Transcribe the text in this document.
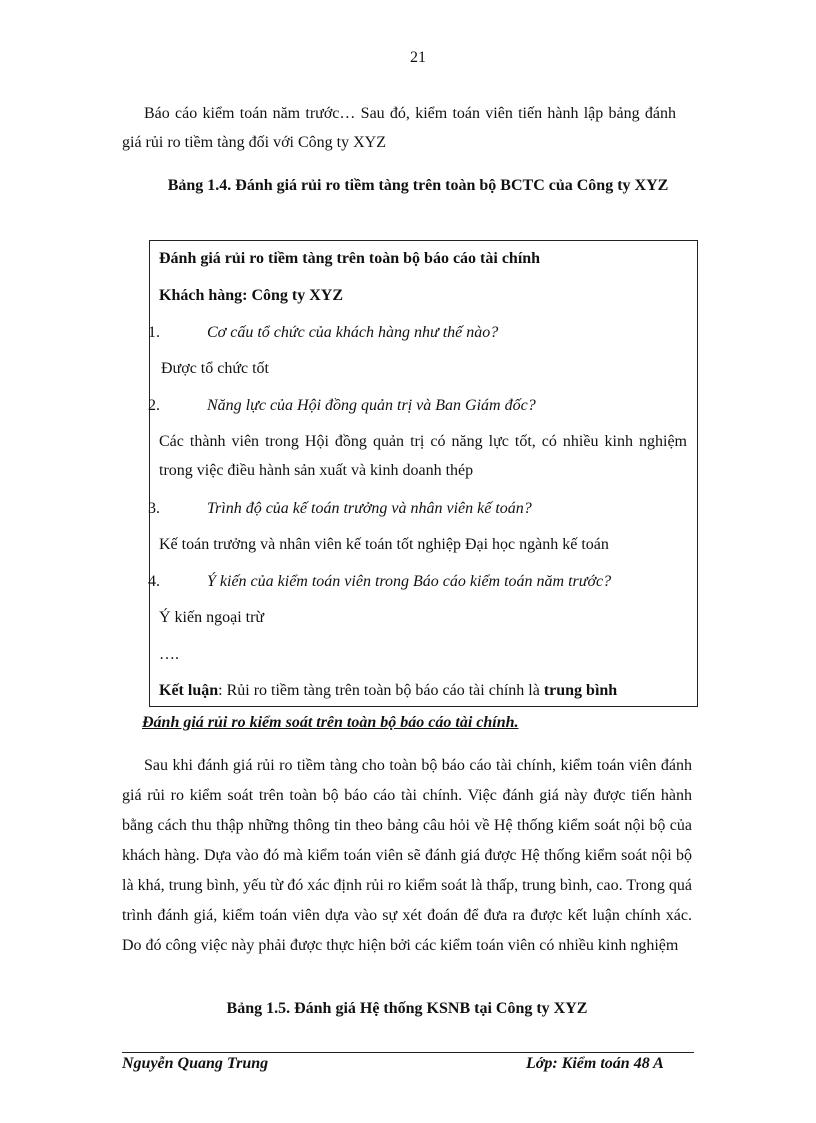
21
Báo cáo kiểm toán năm trước… Sau đó, kiểm toán viên tiến hành lập bảng đánh giá rủi ro tiềm tàng đối với Công ty XYZ
Bảng 1.4. Đánh giá rủi ro tiềm tàng trên toàn bộ BCTC của Công ty XYZ
Đánh giá rủi ro tiềm tàng trên toàn bộ báo cáo tài chính
Khách hàng: Công ty XYZ
1.	Cơ cấu tổ chức của khách hàng như thế nào?
Được tổ chức tốt
2.	Năng lực của Hội đồng quản trị và Ban Giám đốc?
Các thành viên trong Hội đồng quản trị có năng lực tốt, có nhiều kinh nghiệm trong việc điều hành sản xuất và kinh doanh thép
3.	Trình độ của kế toán trưởng và nhân viên kế toán?
Kế toán trưởng và nhân viên kế toán tốt nghiệp Đại học ngành kế toán
4.	Ý kiến của kiểm toán viên trong Báo cáo kiểm toán năm trước?
Ý kiến ngoại trừ
….
Kết luận: Rủi ro tiềm tàng trên toàn bộ báo cáo tài chính là trung bình
Đánh giá rủi ro kiểm soát trên toàn bộ báo cáo tài chính.
Sau khi đánh giá rủi ro tiềm tàng cho toàn bộ báo cáo tài chính, kiểm toán viên đánh giá rủi ro kiểm soát trên toàn bộ báo cáo tài chính. Việc đánh giá này được tiến hành bằng cách thu thập những thông tin theo bảng câu hỏi về Hệ thống kiểm soát nội bộ của khách hàng. Dựa vào đó mà kiểm toán viên sẽ đánh giá được Hệ thống kiểm soát nội bộ là khá, trung bình, yếu từ đó xác định rủi ro kiểm soát là thấp, trung bình, cao. Trong quá trình đánh giá, kiểm toán viên dựa vào sự xét đoán để đưa ra được kết luận chính xác. Do đó công việc này phải được thực hiện bởi các kiểm toán viên có nhiều kinh nghiệm
Bảng 1.5. Đánh giá Hệ thống KSNB tại Công ty XYZ
Nguyễn Quang Trung	Lớp: Kiểm toán 48 A
